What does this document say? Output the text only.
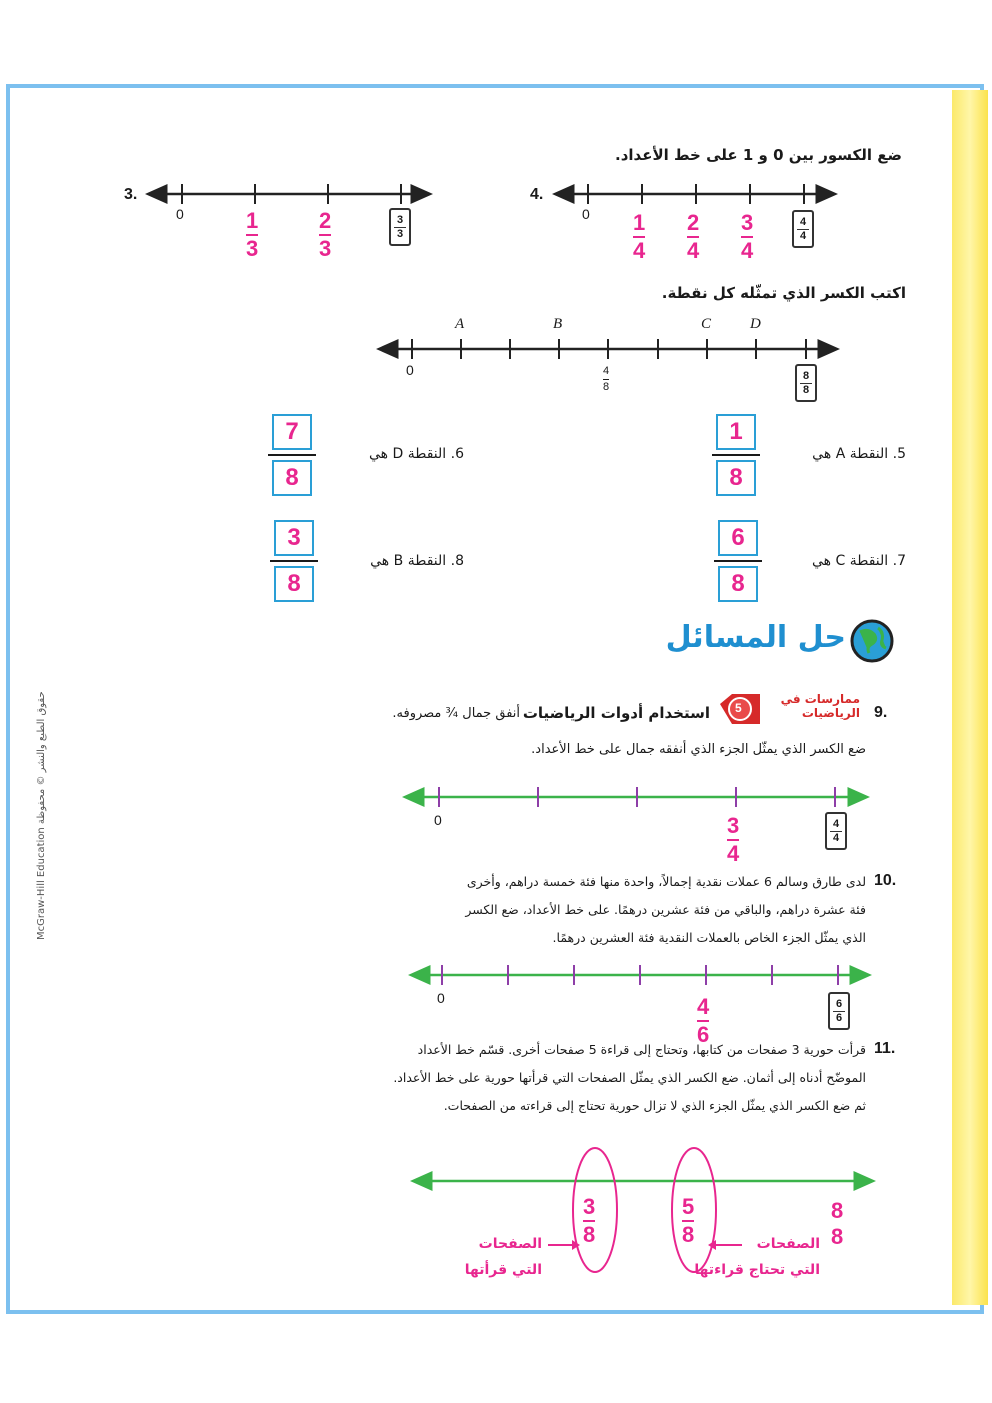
McGraw-Hill Education حقوق الطبع والنشر © محفوظة
ضع الكسور بين 0 و 1 على خط الأعداد.
3.
0	1
3
2
3
3
3
4.
0 1
4
2
4
3
4
4
4
اكتب الكسر الذي تمثّله كل نقطة.
A	B	C	D
0	4
8
8
8
5. النقطة A هي
1
8
6. النقطة D هي
7
8
7. النقطة C هي
6
8
8. النقطة B هي
3
8
حل المسائل
9.
ممارسات في الرياضيات
5
استخدام أدوات الرياضيات
أنفق جمال ¾ مصروفه.
ضع الكسر الذي يمثّل الجزء الذي أنفقه جمال على خط الأعداد.
0	3
4
4
4
10.
لدى طارق وسالم 6 عملات نقدية إجمالاً، واحدة منها فئة خمسة دراهم، وأخرى
فئة عشرة دراهم، والباقي من فئة عشرين درهمًا. على خط الأعداد، ضع الكسر
الذي يمثّل الجزء الخاص بالعملات النقدية فئة العشرين درهمًا.
0	4
6
6
6
11.
قرأت حورية 3 صفحات من كتابها، وتحتاج إلى قراءة 5 صفحات أخرى. قسّم خط الأعداد
الموضّح أدناه إلى أثمان. ضع الكسر الذي يمثّل الصفحات التي قرأتها حورية على خط الأعداد.
ثم ضع الكسر الذي يمثّل الجزء الذي لا تزال حورية تحتاج إلى قراءته من الصفحات.
3
8
5
8
8
8
الصفحات
التي قرأتها
الصفحات
التي تحتاج قراءتها
